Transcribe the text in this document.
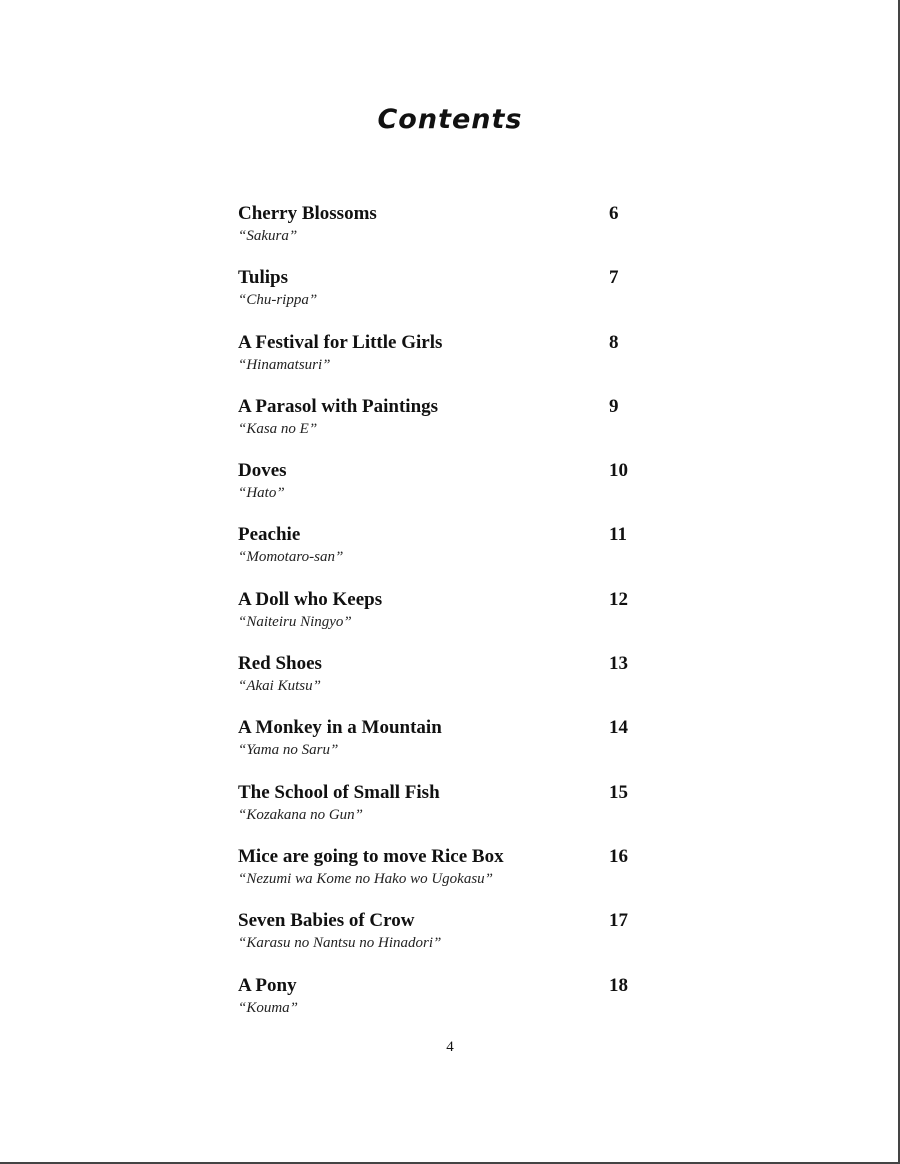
Contents
Cherry Blossoms
“Sakura”
6
Tulips
“Chu-rippa”
7
A Festival for Little Girls
“Hinamatsuri”
8
A Parasol with Paintings
“Kasa no E”
9
Doves
“Hato”
10
Peachie
“Momotaro-san”
11
A Doll who Keeps
“Naiteiru Ningyo”
12
Red Shoes
“Akai Kutsu”
13
A Monkey in a Mountain
“Yama no Saru”
14
The School of Small Fish
“Kozakana no Gun”
15
Mice are going to move Rice Box
“Nezumi wa Kome no Hako wo Ugokasu”
16
Seven Babies of Crow
“Karasu no Nantsu no Hinadori”
17
A Pony
“Kouma”
18
4
